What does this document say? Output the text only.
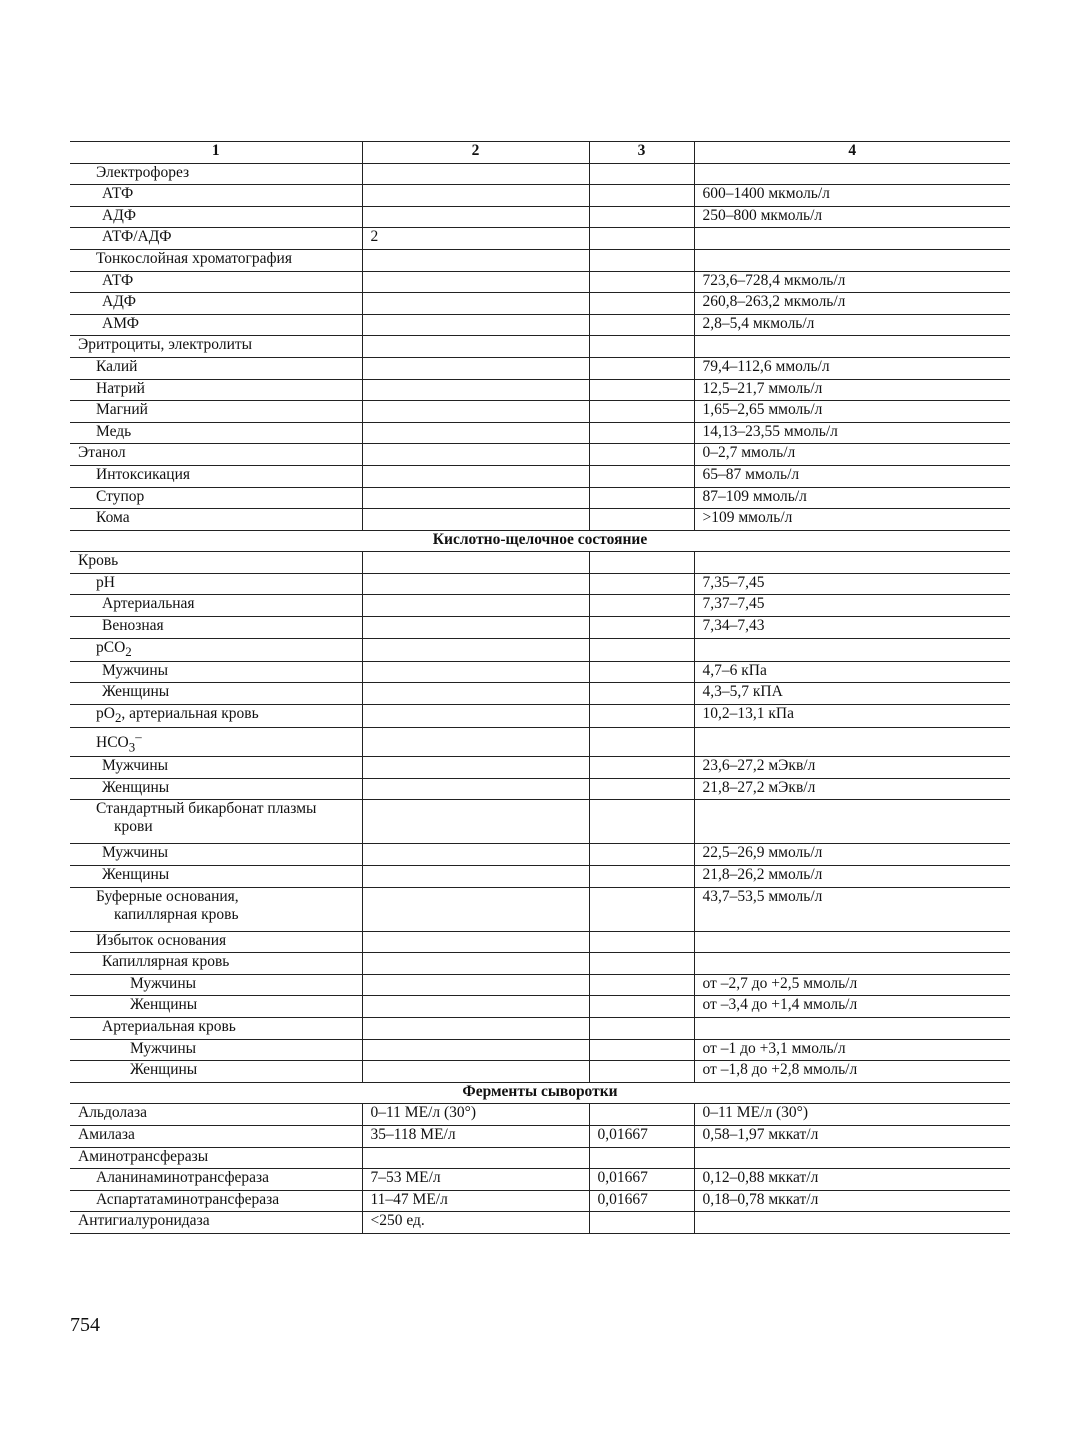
1	2	3	4
Электрофорез			
АТФ			600–1400 мкмоль/л
АДФ			250–800 мкмоль/л
АТФ/АДФ	2		
Тонкослойная хроматография			
АТФ			723,6–728,4 мкмоль/л
АДФ			260,8–263,2 мкмоль/л
АМФ			2,8–5,4 мкмоль/л
Эритроциты, электролиты			
Калий			79,4–112,6 ммоль/л
Натрий			12,5–21,7 ммоль/л
Магний			1,65–2,65 ммоль/л
Медь			14,13–23,55 ммоль/л
Этанол			0–2,7 ммоль/л
Интоксикация			65–87 ммоль/л
Ступор			87–109 ммоль/л
Кома			>109 ммоль/л
Кислотно-щелочное состояние			
Кровь			
pH			7,35–7,45
Артериальная			7,37–7,45
Венозная			7,34–7,43
pCO$_2$			
Мужчины			4,7–6 кПа
Женщины			4,3–5,7 кПА
$pO_2$, артериальная кровь			10,2–13,1 кПа
$HCO_3^-$			
Мужчины			23,6–27,2 мЭкв/л
Женщины			21,8–27,2 мЭкв/л
Стандартный бикарбонат плазмы
крови			
Мужчины			22,5–26,9 ммоль/л
Женщины			21,8–26,2 ммоль/л
Буферные основания,
капиллярная кровь			43,7–53,5 ммоль/л
Избыток основания			
Капиллярная кровь			
Мужчины			от –2,7 до +2,5 ммоль/л
Женщины			от –3,4 до +1,4 ммоль/л
Артериальная кровь			
Мужчины			от –1 до +3,1 ммоль/л
Женщины			от –1,8 до +2,8 ммоль/л
Ферменты сыворотки			
Альдолаза	0–11 МЕ/л (30°)		0–11 МЕ/л (30°)
Амилаза	35–118 МЕ/л	0,01667	0,58–1,97 мккат/л
Аминотрансферазы			
Аланинаминотрансфераза	7–53 МЕ/л	0,01667	0,12–0,88 мккат/л
Аспартатаминотрансфераза	11–47 МЕ/л	0,01667	0,18–0,78 мккат/л
Антигиалуронидаза	<250 ед.		
754
